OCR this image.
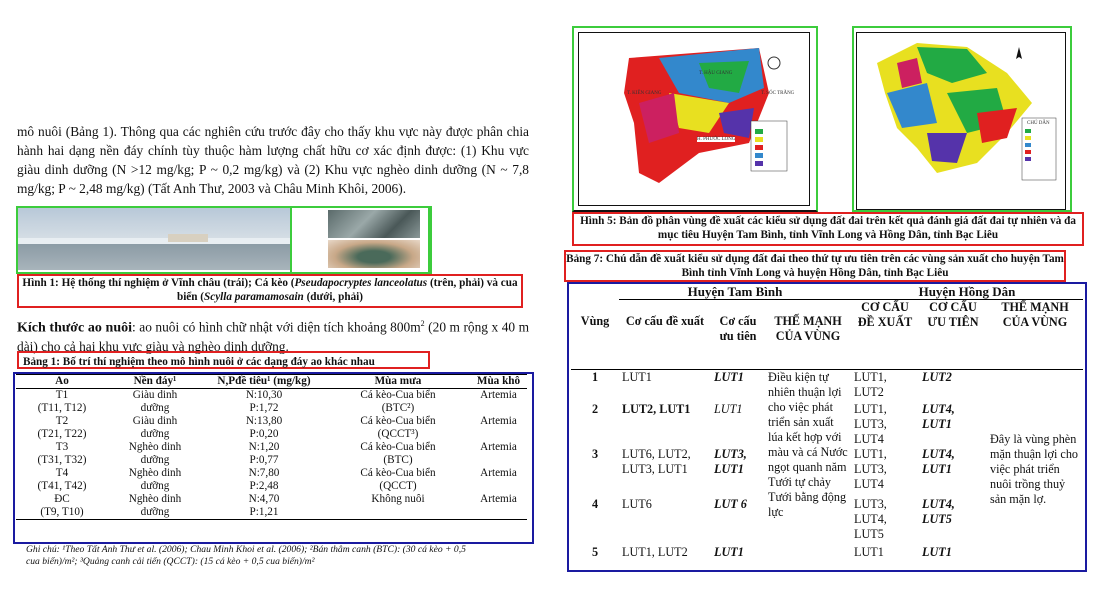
mô nuôi (Bảng 1). Thông qua các nghiên cứu trước đây cho thấy khu vực này được phân chia hành hai dạng nền đáy chính tùy thuộc hàm lượng chất hữu cơ xác định được: (1) Khu vực giàu dinh dưỡng (N >12 mg/kg; P ~ 0,2 mg/kg) và (2) Khu vực nghèo dinh dưỡng (N ~ 7,8 mg/kg; P ~ 2,48 mg/kg) (Tất Anh Thư, 2003 và Châu Minh Khôi, 2006).
Hình 1: Hệ thống thí nghiệm ở Vĩnh châu (trái); Cá kèo (Pseudapocryptes lanceolatus (trên, phải) và cua biển (Scylla paramamosain (dưới, phải)
Kích thước ao nuôi: ao nuôi có hình chữ nhật với diện tích khoảng $800m^2$ (20 m rộng x 40 m dài) cho cả hai khu vực giàu và nghèo dinh dưỡng.
Bảng 1: Bố trí thí nghiệm theo mô hình nuôi ở các dạng đáy ao khác nhau
Ao	Nền đáy¹	N,Pđề tiêu¹ (mg/kg)	Mùa mưa	Mùa khô
T1	Giàu dinh	N:10,30	Cá kèo-Cua biển	Artemia
(T11, T12)	dưỡng	P:1,72	(BTC²)	
T2	Giàu dinh	N:13,80	Cá kèo-Cua biển	Artemia
(T21, T22)	dưỡng	P:0,20	(QCCT³)	
T3	Nghèo dinh	N:1,20	Cá kèo-Cua biển	Artemia
(T31, T32)	dưỡng	P:0,77	(BTC)	
T4	Nghèo dinh	N:7,80	Cá kèo-Cua biển	Artemia
(T41, T42)	dưỡng	P:2,48	(QCCT)	
ĐC	Nghèo dinh	N:4,70	Không nuôi	Artemia
(T9, T10)	dưỡng	P:1,21		
Ghi chú: ¹Theo Tất Anh Thư et al. (2006); Chau Minh Khoi et al. (2006); ²Bán thâm canh (BTC): (30 cá kèo + 0,5
cua biển)/m²; ³Quảng canh cải tiến (QCCT): (15 cá kèo + 0,5 cua biển)/m²
T. HẬU GIANG
T. KIÊN GIANG	T. SÓC TRĂNG
H. PHƯỚC LONG
CHÚ DẪN
Hình 5: Bản đồ phân vùng đề xuất các kiểu sử dụng đất đai trên kết quả đánh giá đất đai tự nhiên và đa mục tiêu Huyện Tam Bình, tỉnh Vĩnh Long và Hồng Dân, tỉnh Bạc Liêu
Bảng 7: Chú dẫn đề xuất kiểu sử dụng đất đai theo thứ tự ưu tiên trên các vùng sản xuất cho huyện Tam Bình tỉnh Vĩnh Long và huyện Hồng Dân, tỉnh Bạc Liêu
	Huyện Tam Bình			Huyện Hồng Dân		
Vùng	Cơ cấu đề xuất	Cơ cấu ưu tiên	THẾ MẠNH CỦA VÙNG	CƠ CẤU ĐỀ XUẤT	CƠ CẤU ƯU TIÊN	THẾ MẠNH CỦA VÙNG
1	LUT1	LUT1	Điều kiện tự nhiên thuận lợi cho việc phát triển sản xuất lúa kết hợp với màu và cá Nước ngọt quanh năm Tưới tự chảy Tưới bằng động lực	LUT1, LUT2	LUT2	Đây là vùng phèn mặn thuận lợi cho việc phát triển nuôi trồng thuỷ sản mặn lợ.
2	LUT2, LUT1	LUT1		LUT1, LUT3, LUT4	LUT4, LUT1	
3	LUT6, LUT2, LUT3, LUT1	LUT3, LUT1		LUT1, LUT3, LUT4	LUT4, LUT1	
4	LUT6	LUT 6		LUT3, LUT4, LUT5	LUT4, LUT5	
5	LUT1, LUT2	LUT1		LUT1	LUT1	
